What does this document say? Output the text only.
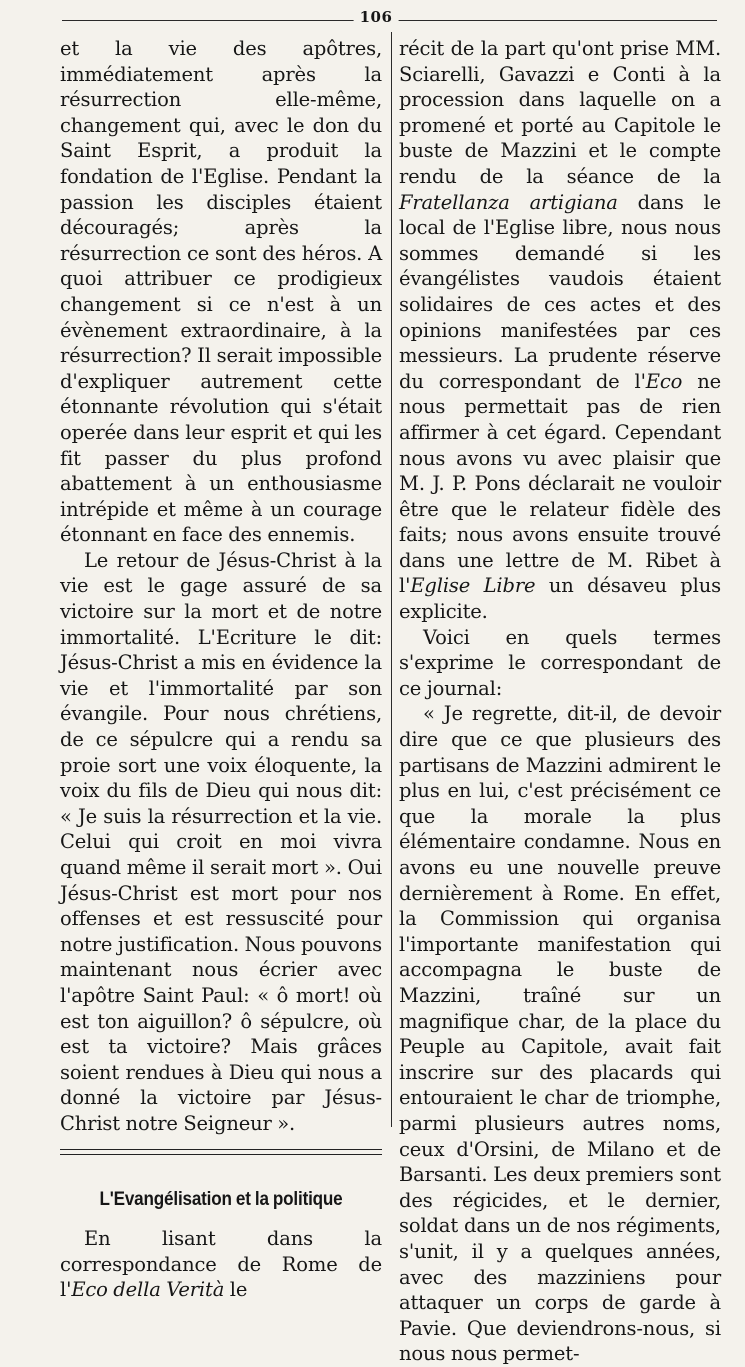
106

et la vie des apôtres, immédiatement après la résurrection elle-même, changement qui, avec le don du Saint Esprit, a produit la fondation de l'Eglise. Pendant la passion les disciples étaient découragés; après la résurrection ce sont des héros. A quoi attribuer ce prodigieux changement si ce n'est à un évènement extraordinaire, à la résurrection? Il serait impossible d'expliquer autrement cette étonnante révolution qui s'était operée dans leur esprit et qui les fit passer du plus profond abattement à un enthousiasme intrépide et même à un courage étonnant en face des ennemis.

Le retour de Jésus-Christ à la vie est le gage assuré de sa victoire sur la mort et de notre immortalité. L'Ecriture le dit: Jésus-Christ a mis en évidence la vie et l'immortalité par son évangile. Pour nous chrétiens, de ce sépulcre qui a rendu sa proie sort une voix éloquente, la voix du fils de Dieu qui nous dit: « Je suis la résurrection et la vie. Celui qui croit en moi vivra quand même il serait mort ». Oui Jésus-Christ est mort pour nos offenses et est ressuscité pour notre justification. Nous pouvons maintenant nous écrier avec l'apôtre Saint Paul: « ô mort! où est ton aiguillon? ô sépulcre, où est ta victoire? Mais grâces soient rendues à Dieu qui nous a donné la victoire par Jésus-Christ notre Seigneur ».

L'Evangélisation et la politique

En lisant dans la correspondance de Rome de l'Eco della Verità le

récit de la part qu'ont prise MM. Sciarelli, Gavazzi e Conti à la procession dans laquelle on a promené et porté au Capitole le buste de Mazzini et le compte rendu de la séance de la Fratellanza artigiana dans le local de l'Eglise libre, nous nous sommes demandé si les évangélistes vaudois étaient solidaires de ces actes et des opinions manifestées par ces messieurs. La prudente réserve du correspondant de l'Eco ne nous permettait pas de rien affirmer à cet égard. Cependant nous avons vu avec plaisir que M. J. P. Pons déclarait ne vouloir être que le relateur fidèle des faits; nous avons ensuite trouvé dans une lettre de M. Ribet à l'Eglise Libre un désaveu plus explicite.

Voici en quels termes s'exprime le correspondant de ce journal:

« Je regrette, dit-il, de devoir dire que ce que plusieurs des partisans de Mazzini admirent le plus en lui, c'est précisément ce que la morale la plus élémentaire condamne. Nous en avons eu une nouvelle preuve dernièrement à Rome. En effet, la Commission qui organisa l'importante manifestation qui accompagna le buste de Mazzini, traîné sur un magnifique char, de la place du Peuple au Capitole, avait fait inscrire sur des placards qui entouraient le char de triomphe, parmi plusieurs autres noms, ceux d'Orsini, de Milano et de Barsanti. Les deux premiers sont des régicides, et le dernier, soldat dans un de nos régiments, s'unit, il y a quelques années, avec des mazziniens pour attaquer un corps de garde à Pavie. Que deviendrons-nous, si nous nous permet-
